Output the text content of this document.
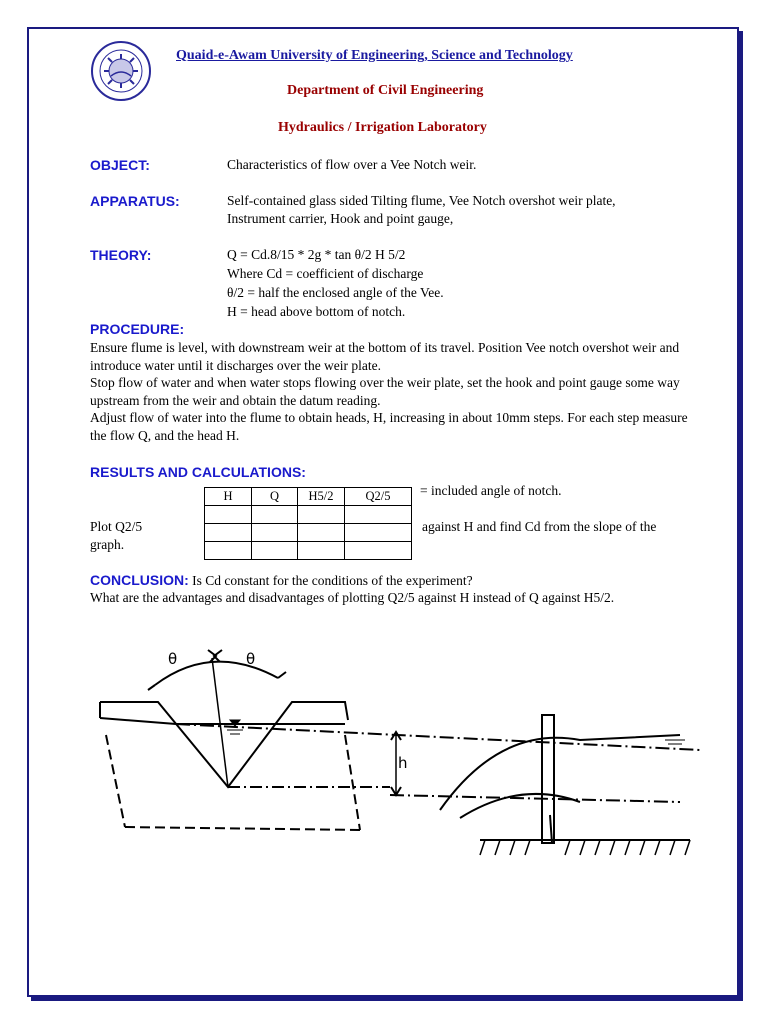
Quaid-e-Awam University of Engineering, Science and Technology
Department of Civil Engineering
Hydraulics / Irrigation Laboratory
OBJECT:	Characteristics of flow over a Vee Notch weir.
APPARATUS:	Self-contained glass sided Tilting flume, Vee Notch overshot weir plate,
Instrument carrier, Hook and point gauge,
THEORY:	Q = Cd.8/15 * 2g * tan θ/2 H 5/2
Where Cd = coefficient of discharge
θ/2 = half the enclosed angle of the Vee.
H = head above bottom of notch.
PROCEDURE:
Ensure flume is level, with downstream weir at the bottom of its travel. Position Vee notch overshot weir and introduce water until it discharges over the weir plate.
Stop flow of water and when water stops flowing over the weir plate, set the hook and point gauge some way upstream from the weir and obtain the datum reading.
Adjust flow of water into the flume to obtain heads, H, increasing in about 10mm steps. For each step measure the flow Q, and the head H.
RESULTS AND CALCULATIONS:
H	Q	H5/2	Q2/5

			= included angle of notch.
Plot Q2/5	against H and find Cd from the slope of the
graph.
CONCLUSION: Is Cd constant for the conditions of the experiment?
What are the advantages and disadvantages of plotting Q2/5 against H instead of Q against H5/2.
θ	θ
h
